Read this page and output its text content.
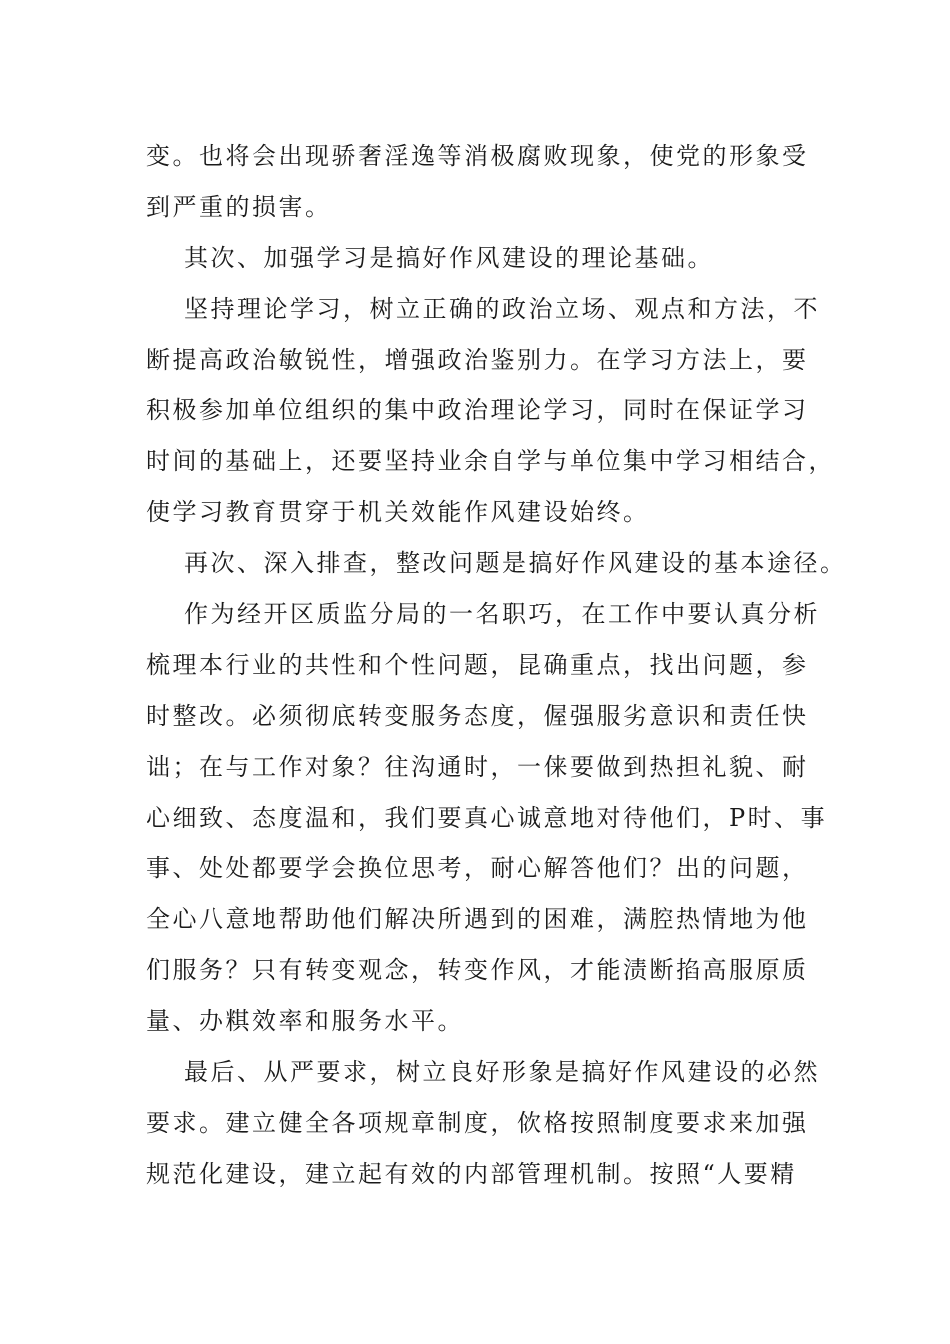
变。也将会出现骄奢淫逸等消极腐败现象，使党的形象受
到严重的损害。
其次、加强学习是搞好作风建设的理论基础。
坚持理论学习，树立正确的政治立场、观点和方法，不
断提高政治敏锐性，增强政治鉴别力。在学习方法上，要
积极参加单位组织的集中政治理论学习，同时在保证学习
时间的基础上，还要坚持业余自学与单位集中学习相结合，
使学习教育贯穿于机关效能作风建设始终。
再次、深入排查，整改问题是搞好作风建设的基本途径。
作为经开区质监分局的一名职巧，在工作中要认真分析
梳理本行业的共性和个性问题，昆确重点，找出问题，参
时整改。必须彻底转变服务态度，偓强服劣意识和责任快
诎；在与工作对象？往沟通时，一俫要做到热担礼貌、耐
心细致、态度温和，我们要真心诚意地对待他们，P时、事
事、处处都要学会换位思考，耐心解答他们？出的问题，
全心八意地帮助他们解决所遇到的困难，满腔热情地为他
们服务？只有转变观念，转变作风，才能渍断掐高服原质
量、办粸效率和服务水平。
最后、从严要求，树立良好形象是搞好作风建设的必然
要求。建立健全各项规章制度，佽格按照制度要求来加强
规范化建设，建立起有效的内部管理机制。按照“人要精
